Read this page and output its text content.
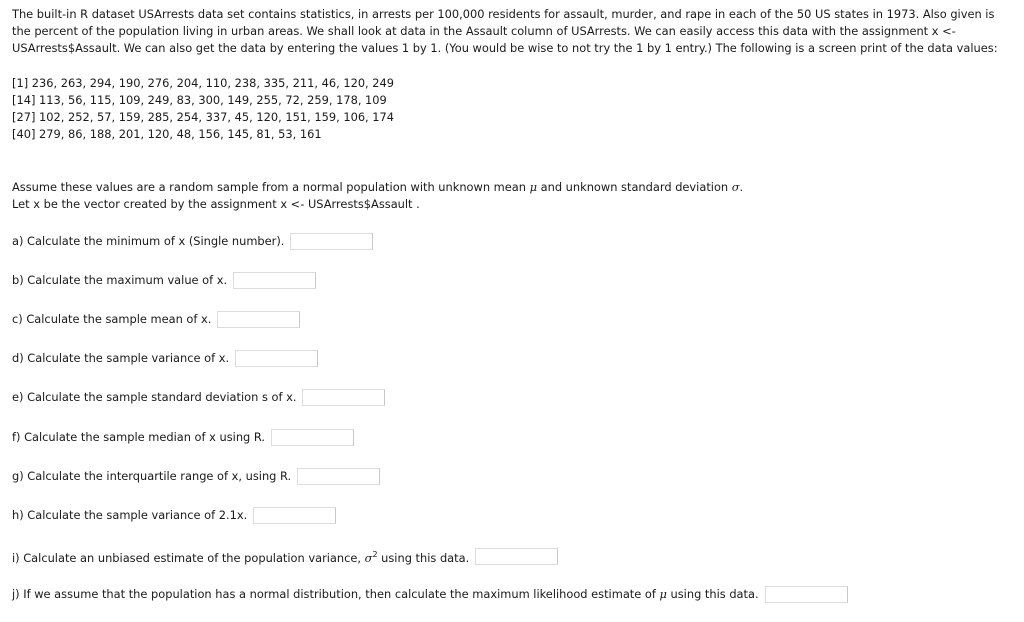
The built-in R dataset USArrests data set contains statistics, in arrests per 100,000 residents for assault, murder, and rape in each of the 50 US states in 1973. Also given is
the percent of the population living in urban areas. We shall look at data in the Assault column of USArrests. We can easily access this data with the assignment x <-
USArrests$Assault. We can also get the data by entering the values 1 by 1. (You would be wise to not try the 1 by 1 entry.) The following is a screen print of the data values:
[1] 236, 263, 294, 190, 276, 204, 110, 238, 335, 211, 46, 120, 249
[14] 113, 56, 115, 109, 249, 83, 300, 149, 255, 72, 259, 178, 109
[27] 102, 252, 57, 159, 285, 254, 337, 45, 120, 151, 159, 106, 174
[40] 279, 86, 188, 201, 120, 48, 156, 145, 81, 53, 161
Assume these values are a random sample from a normal population with unknown mean μ and unknown standard deviation σ.
Let x be the vector created by the assignment x <- USArrests$Assault .
a) Calculate the minimum of x (Single number).
b) Calculate the maximum value of x.
c) Calculate the sample mean of x.
d) Calculate the sample variance of x.
e) Calculate the sample standard deviation s of x.
f) Calculate the sample median of x using R.
g) Calculate the interquartile range of x, using R.
h) Calculate the sample variance of 2.1x.
i) Calculate an unbiased estimate of the population variance, $\sigma^2$ using this data.
j) If we assume that the population has a normal distribution, then calculate the maximum likelihood estimate of μ using this data.
